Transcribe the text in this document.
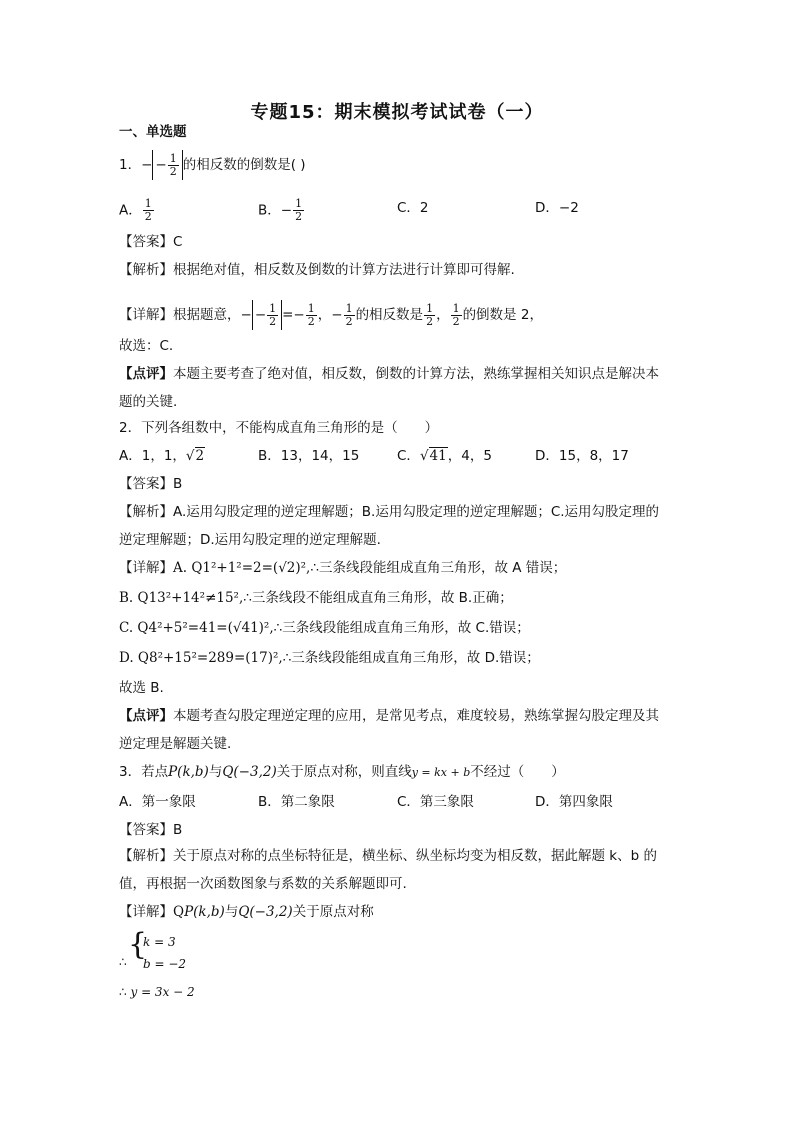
专题15：期末模拟考试试卷（一）
一、单选题
1．− − $\frac{1}{2}$ 的相反数的倒数是( )
A． $\frac{1}{2}$	B．− $\frac{1}{2}$	C．2	D．−2
【答案】C
【解析】根据绝对值，相反数及倒数的计算方法进行计算即可得解.
【详解】根据题意，− − $\frac{1}{2} =- \frac{1}{2}$ ，− $\frac{1}{2}$ 的相反数是 $\frac{1}{2}$ ， $\frac{1}{2}$ 的倒数是 2，
故选：C.
【点评】本题主要考查了绝对值，相反数，倒数的计算方法，熟练掌握相关知识点是解决本
题的关键.
2．下列各组数中，不能构成直角三角形的是（　　）
A．1，1，√2	B．13，14，15	C．√41，4，5	D．15，8，17
【答案】B
【解析】A.运用勾股定理的逆定理解题；B.运用勾股定理的逆定理解题；C.运用勾股定理的
逆定理解题；D.运用勾股定理的逆定理解题.
【详解】A. Q1²+1²=2=(√2)²,∴三条线段能组成直角三角形，故 A 错误；
B. Q13²+14²≠15²,∴三条线段不能组成直角三角形，故 B.正确；
C. Q4²+5²=41=(√41)²,∴三条线段能组成直角三角形，故 C.错误；
D. Q8²+15²=289=(17)²,∴三条线段能组成直角三角形，故 D.错误；
故选 B.
【点评】本题考查勾股定理逆定理的应用，是常见考点，难度较易，熟练掌握勾股定理及其
逆定理是解题关键.
3．若点P(k,b)与Q(−3,2)关于原点对称，则直线y = kx + b不经过（　　）
A．第一象限	B．第二象限	C．第三象限	D．第四象限
【答案】B
【解析】关于原点对称的点坐标特征是，横坐标、纵坐标均变为相反数，据此解题 k、b 的
值，再根据一次函数图象与系数的关系解题即可.
【详解】QP(k,b)与Q(−3,2)关于原点对称
{
∴
k = 3
b = −2
∴ y = 3x − 2
